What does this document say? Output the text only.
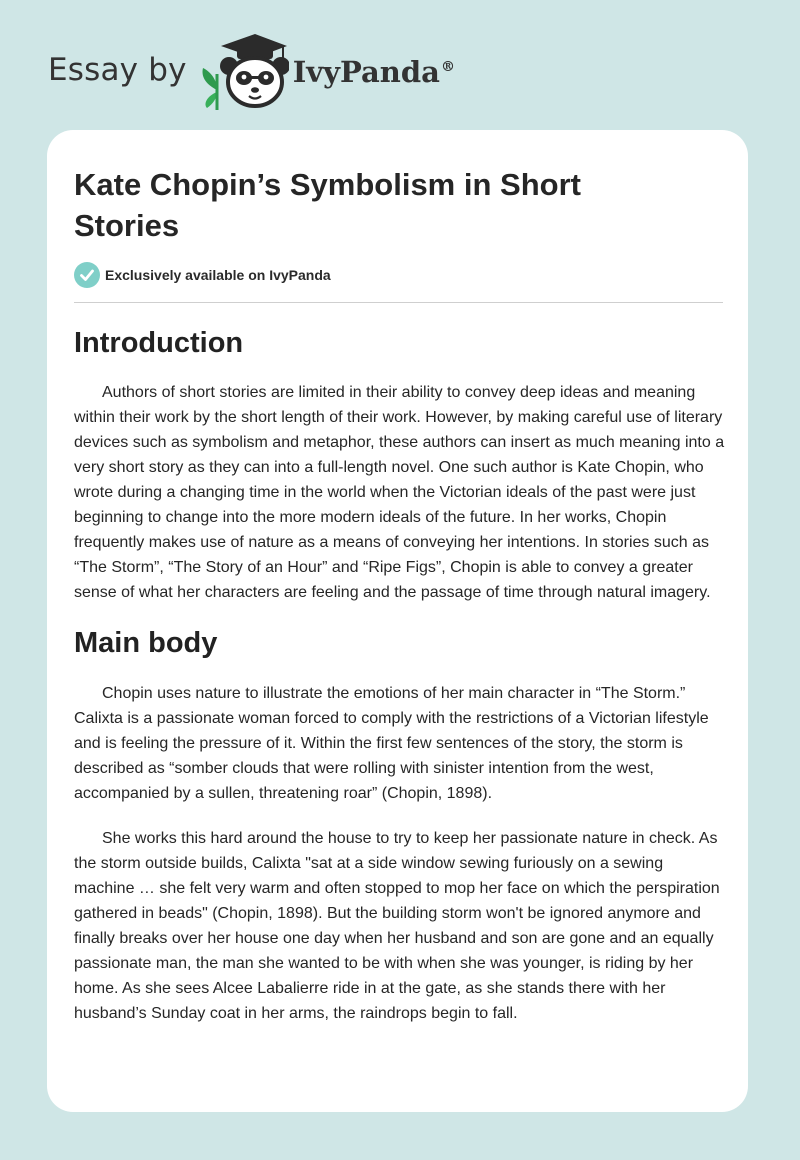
Essay by	IvyPanda®
Kate Chopin’s Symbolism in Short Stories
Exclusively available on IvyPanda
Introduction

Authors of short stories are limited in their ability to convey deep ideas and meaning within their work by the short length of their work. However, by making careful use of literary devices such as symbolism and metaphor, these authors can insert as much meaning into a very short story as they can into a full-length novel. One such author is Kate Chopin, who wrote during a changing time in the world when the Victorian ideals of the past were just beginning to change into the more modern ideals of the future. In her works, Chopin frequently makes use of nature as a means of conveying her intentions. In stories such as “The Storm”, “The Story of an Hour” and “Ripe Figs”, Chopin is able to convey a greater sense of what her characters are feeling and the passage of time through natural imagery.

Main body

Chopin uses nature to illustrate the emotions of her main character in “The Storm.” Calixta is a passionate woman forced to comply with the restrictions of a Victorian lifestyle and is feeling the pressure of it. Within the first few sentences of the story, the storm is described as “somber clouds that were rolling with sinister intention from the west, accompanied by a sullen, threatening roar” (Chopin, 1898).

She works this hard around the house to try to keep her passionate nature in check. As the storm outside builds, Calixta "sat at a side window sewing furiously on a sewing machine … she felt very warm and often stopped to mop her face on which the perspiration gathered in beads" (Chopin, 1898). But the building storm won't be ignored anymore and finally breaks over her house one day when her husband and son are gone and an equally passionate man, the man she wanted to be with when she was younger, is riding by her home. As she sees Alcee Labalierre ride in at the gate, as she stands there with her husband’s Sunday coat in her arms, the raindrops begin to fall.
